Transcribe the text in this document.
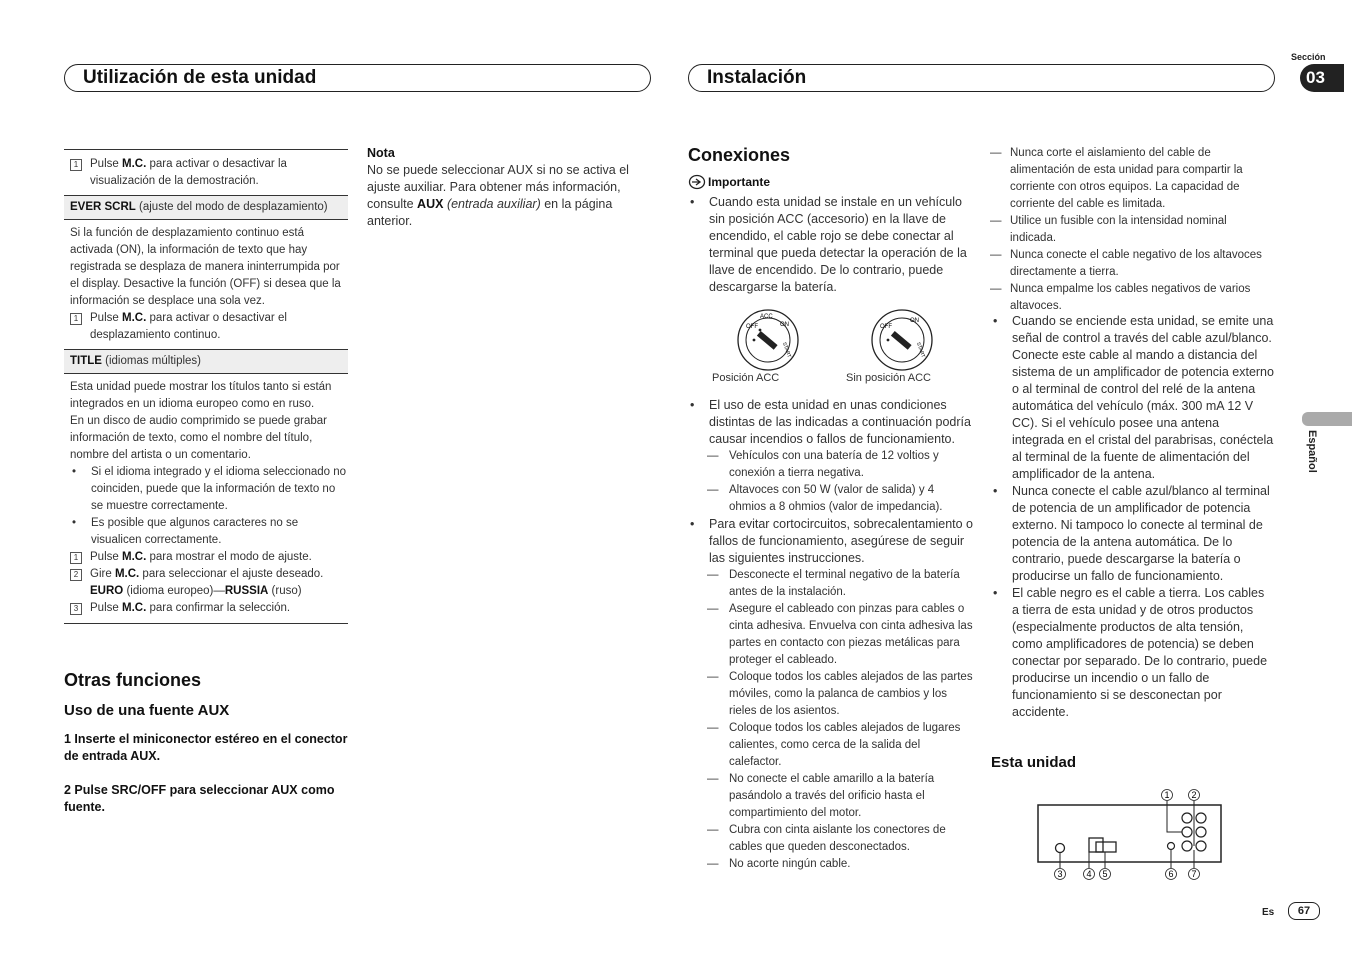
Utilización de esta unidad	Instalación
Sección
03
Español
1	Pulse M.C. para activar o desactivar la visualización de la demostración.
EVER SCRL (ajuste del modo de desplazamiento)
Si la función de desplazamiento continuo está activada (ON), la información de texto que hay registrada se desplaza de manera ininterrumpida por el display. Desactive la función (OFF) si desea que la información se desplace una sola vez.
1	Pulse M.C. para activar o desactivar el desplazamiento continuo.
TITLE (idiomas múltiples)
Esta unidad puede mostrar los títulos tanto si están integrados en un idioma europeo como en ruso.
En un disco de audio comprimido se puede grabar información de texto, como el nombre del título, nombre del artista o un comentario.
•	Si el idioma integrado y el idioma seleccionado no coinciden, puede que la información de texto no se muestre correctamente.
•	Es posible que algunos caracteres no se visualicen correctamente.
1	Pulse M.C. para mostrar el modo de ajuste.
2	Gire M.C. para seleccionar el ajuste deseado.
EURO (idioma europeo)—RUSSIA (ruso)
3	Pulse M.C. para confirmar la selección.
Otras funciones
Uso de una fuente AUX
1 Inserte el miniconector estéreo en el conector de entrada AUX.
2 Pulse SRC/OFF para seleccionar AUX como fuente.
Nota
No se puede seleccionar AUX si no se activa el ajuste auxiliar. Para obtener más información, consulte AUX (entrada auxiliar) en la página anterior.
Conexiones
Importante
•	Cuando esta unidad se instale en un vehículo sin posición ACC (accesorio) en la llave de encendido, el cable rojo se debe conectar al terminal que pueda detectar la operación de la llave de encendido. De lo contrario, puede descargarse la batería.
OFF
ACC
ON
START
OFF
ON
START
Posición ACC	Sin posición ACC
•	El uso de esta unidad en unas condiciones distintas de las indicadas a continuación podría causar incendios o fallos de funcionamiento.
— Vehículos con una batería de 12 voltios y conexión a tierra negativa.
— Altavoces con 50 W (valor de salida) y 4 ohmios a 8 ohmios (valor de impedancia).
•	Para evitar cortocircuitos, sobrecalentamiento o fallos de funcionamiento, asegúrese de seguir las siguientes instrucciones.
— Desconecte el terminal negativo de la batería antes de la instalación.
— Asegure el cableado con pinzas para cables o cinta adhesiva. Envuelva con cinta adhesiva las partes en contacto con piezas metálicas para proteger el cableado.
— Coloque todos los cables alejados de las partes móviles, como la palanca de cambios y los rieles de los asientos.
— Coloque todos los cables alejados de lugares calientes, como cerca de la salida del calefactor.
— No conecte el cable amarillo a la batería pasándolo a través del orificio hasta el compartimiento del motor.
— Cubra con cinta aislante los conectores de cables que queden desconectados.
— No acorte ningún cable.
— Nunca corte el aislamiento del cable de alimentación de esta unidad para compartir la corriente con otros equipos. La capacidad de corriente del cable es limitada.
— Utilice un fusible con la intensidad nominal indicada.
— Nunca conecte el cable negativo de los altavoces directamente a tierra.
— Nunca empalme los cables negativos de varios altavoces.
•	Cuando se enciende esta unidad, se emite una señal de control a través del cable azul/blanco. Conecte este cable al mando a distancia del sistema de un amplificador de potencia externo o al terminal de control del relé de la antena automática del vehículo (máx. 300 mA 12 V CC). Si el vehículo posee una antena integrada en el cristal del parabrisas, conéctela al terminal de la fuente de alimentación del amplificador de la antena.
•	Nunca conecte el cable azul/blanco al terminal de potencia de un amplificador de potencia externo. Ni tampoco lo conecte al terminal de potencia de la antena automática. De lo contrario, puede descargarse la batería o producirse un fallo de funcionamiento.
•	El cable negro es el cable a tierra. Los cables a tierra de esta unidad y de otros productos (especialmente productos de alta tensión, como amplificadores de potencia) se deben conectar por separado. De lo contrario, puede producirse un incendio o un fallo de funcionamiento si se desconectan por accidente.
Esta unidad
1 2
3	4 5	6 7
Es	67
